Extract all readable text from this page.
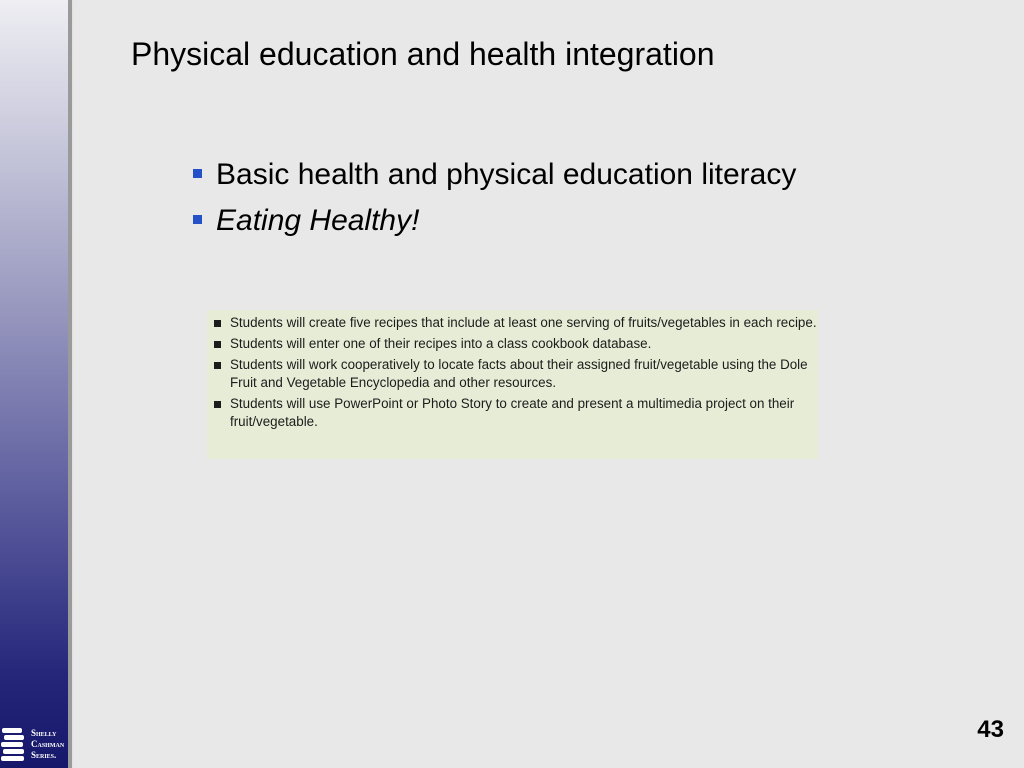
Shelly
Cashman
Series.
Physical education and health integration
Basic health and physical education literacy
Eating Healthy!
Students will create five recipes that include at least one serving of fruits/vegetables in each recipe.
Students will enter one of their recipes into a class cookbook database.
Students will work cooperatively to locate facts about their assigned fruit/vegetable using the Dole Fruit and Vegetable Encyclopedia and other resources.
Students will use PowerPoint or Photo Story to create and present a multimedia project on their fruit/vegetable.
43
